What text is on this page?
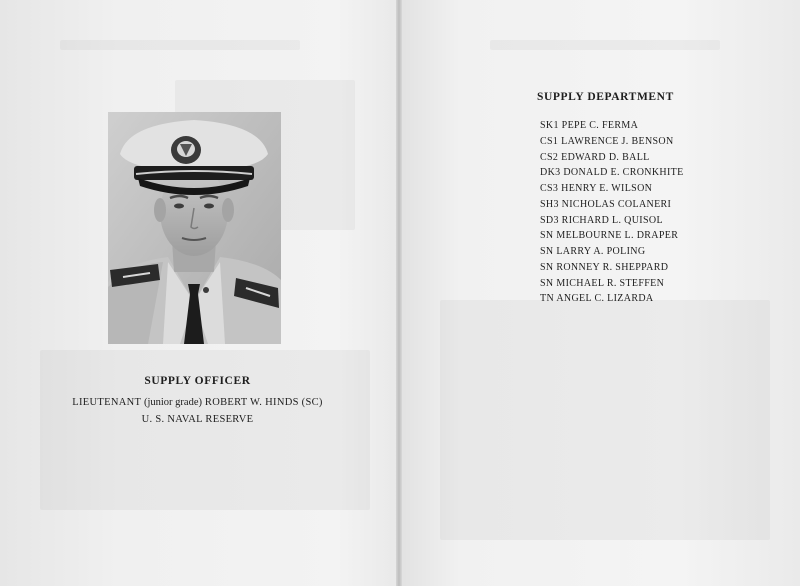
SUPPLY OFFICER
LIEUTENANT (junior grade) ROBERT W. HINDS (SC)
U. S. NAVAL RESERVE
SUPPLY DEPARTMENT
SK1 PEPE C. FERMA
CS1 LAWRENCE J. BENSON
CS2 EDWARD D. BALL
DK3 DONALD E. CRONKHITE
CS3 HENRY E. WILSON
SH3 NICHOLAS COLANERI
SD3 RICHARD L. QUISOL
SN MELBOURNE L. DRAPER
SN LARRY A. POLING
SN RONNEY R. SHEPPARD
SN MICHAEL R. STEFFEN
TN ANGEL C. LIZARDA
